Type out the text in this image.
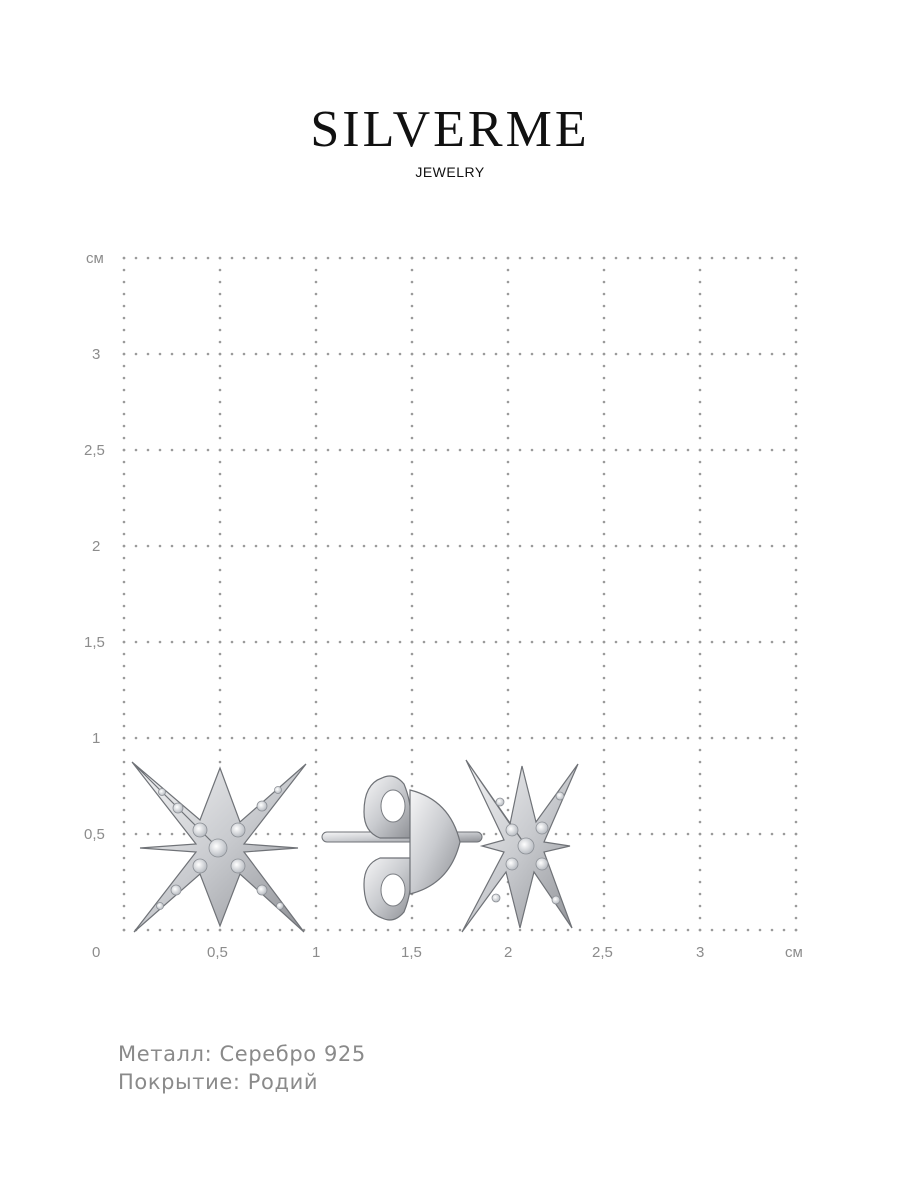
SILVERME
JEWELRY
см
3
2,5
2
1,5
1
0,5
0	0,5	1	1,5	2	2,5	3	см
Металл: Серебро 925
Покрытие: Родий
